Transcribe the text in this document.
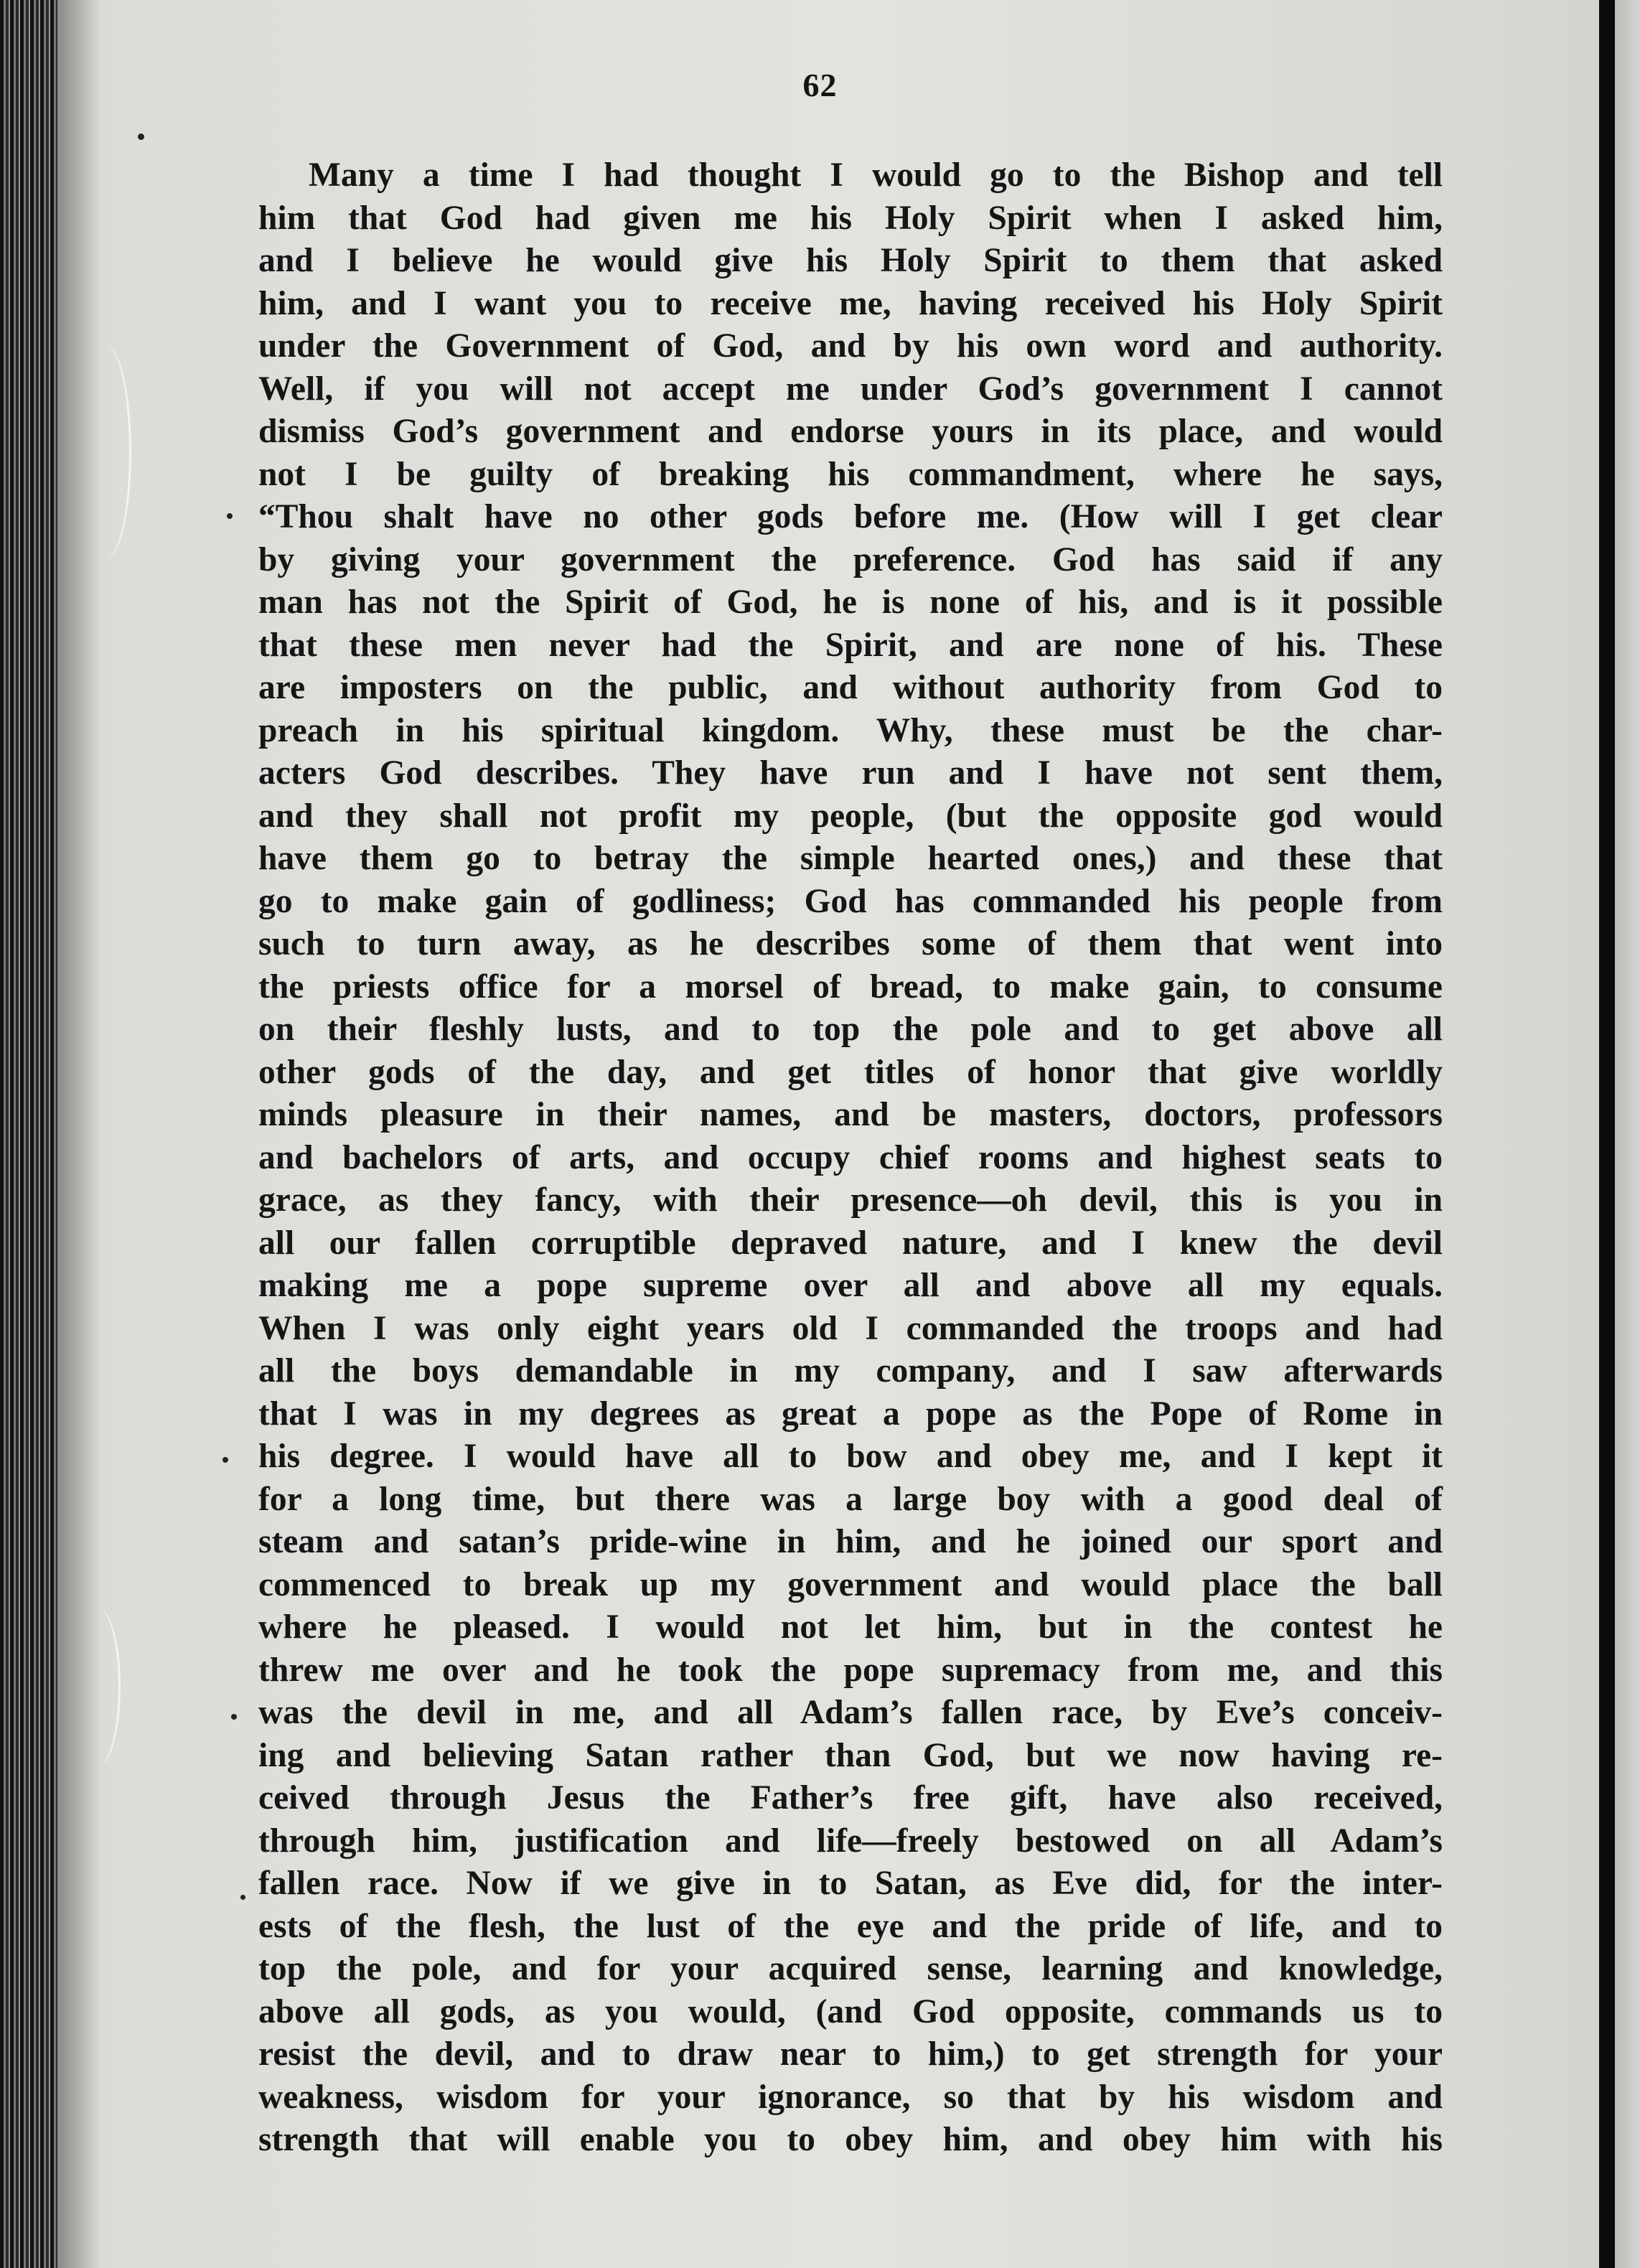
62
Many a time I had thought I would go to the Bishop and tell
him that God had given me his Holy Spirit when I asked him,
and I believe he would give his Holy Spirit to them that asked
him, and I want you to receive me, having received his Holy Spirit
under the Government of God, and by his own word and authority.
Well, if you will not accept me under God’s government I cannot
dismiss God’s government and endorse yours in its place, and would
not I be guilty of breaking his commandment, where he says,
“Thou shalt have no other gods before me. (How will I get clear
by giving your government the preference. God has said if any
man has not the Spirit of God, he is none of his, and is it possible
that these men never had the Spirit, and are none of his. These
are imposters on the public, and without authority from God to
preach in his spiritual kingdom. Why, these must be the char-
acters God describes. They have run and I have not sent them,
and they shall not profit my people, (but the opposite god would
have them go to betray the simple hearted ones,) and these that
go to make gain of godliness; God has commanded his people from
such to turn away, as he describes some of them that went into
the priests office for a morsel of bread, to make gain, to consume
on their fleshly lusts, and to top the pole and to get above all
other gods of the day, and get titles of honor that give worldly
minds pleasure in their names, and be masters, doctors, professors
and bachelors of arts, and occupy chief rooms and highest seats to
grace, as they fancy, with their presence—oh devil, this is you in
all our fallen corruptible depraved nature, and I knew the devil
making me a pope supreme over all and above all my equals.
When I was only eight years old I commanded the troops and had
all the boys demandable in my company, and I saw afterwards
that I was in my degrees as great a pope as the Pope of Rome in
his degree. I would have all to bow and obey me, and I kept it
for a long time, but there was a large boy with a good deal of
steam and satan’s pride-wine in him, and he joined our sport and
commenced to break up my government and would place the ball
where he pleased. I would not let him, but in the contest he
threw me over and he took the pope supremacy from me, and this
was the devil in me, and all Adam’s fallen race, by Eve’s conceiv-
ing and believing Satan rather than God, but we now having re-
ceived through Jesus the Father’s free gift, have also received,
through him, justification and life—freely bestowed on all Adam’s
fallen race. Now if we give in to Satan, as Eve did, for the inter-
ests of the flesh, the lust of the eye and the pride of life, and to
top the pole, and for your acquired sense, learning and knowledge,
above all gods, as you would, (and God opposite, commands us to
resist the devil, and to draw near to him,) to get strength for your
weakness, wisdom for your ignorance, so that by his wisdom and
strength that will enable you to obey him, and obey him with his
